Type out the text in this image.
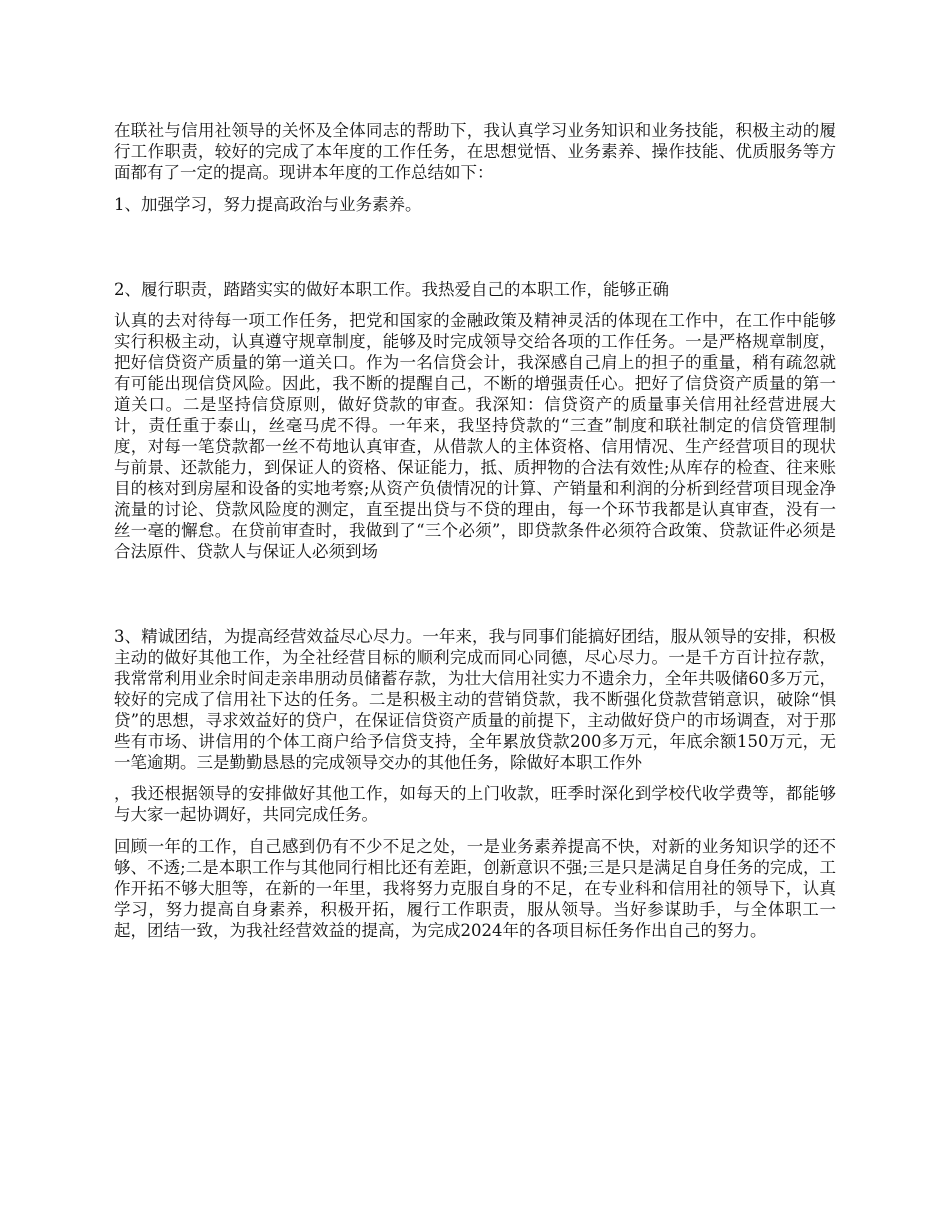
在联社与信用社领导的关怀及全体同志的帮助下，我认真学习业务知识和业务技能，积极主动的履行工作职责，较好的完成了本年度的工作任务，在思想觉悟、业务素养、操作技能、优质服务等方面都有了一定的提高。现讲本年度的工作总结如下：

1、加强学习，努力提高政治与业务素养。

2、履行职责，踏踏实实的做好本职工作。我热爱自己的本职工作，能够正确

认真的去对待每一项工作任务，把党和国家的金融政策及精神灵活的体现在工作中，在工作中能够实行积极主动，认真遵守规章制度，能够及时完成领导交给各项的工作任务。一是严格规章制度，把好信贷资产质量的第一道关口。作为一名信贷会计，我深感自己肩上的担子的重量，稍有疏忽就有可能出现信贷风险。因此，我不断的提醒自己，不断的增强责任心。把好了信贷资产质量的第一道关口。二是坚持信贷原则，做好贷款的审查。我深知：信贷资产的质量事关信用社经营进展大计，责任重于泰山，丝毫马虎不得。一年来，我坚持贷款的“三查”制度和联社制定的信贷管理制度，对每一笔贷款都一丝不苟地认真审查，从借款人的主体资格、信用情况、生产经营项目的现状与前景、还款能力，到保证人的资格、保证能力，抵、质押物的合法有效性;从库存的检查、往来账目的核对到房屋和设备的实地考察;从资产负债情况的计算、产销量和利润的分析到经营项目现金净流量的讨论、贷款风险度的测定，直至提出贷与不贷的理由，每一个环节我都是认真审查，没有一丝一毫的懈怠。在贷前审查时，我做到了“三个必须”，即贷款条件必须符合政策、贷款证件必须是合法原件、贷款人与保证人必须到场

3、精诚团结，为提高经营效益尽心尽力。一年来，我与同事们能搞好团结，服从领导的安排，积极主动的做好其他工作，为全社经营目标的顺利完成而同心同德，尽心尽力。一是千方百计拉存款，我常常利用业余时间走亲串朋动员储蓄存款，为壮大信用社实力不遗余力，全年共吸储60多万元，较好的完成了信用社下达的任务。二是积极主动的营销贷款，我不断强化贷款营销意识，破除“惧贷”的思想，寻求效益好的贷户，在保证信贷资产质量的前提下，主动做好贷户的市场调查，对于那些有市场、讲信用的个体工商户给予信贷支持，全年累放贷款200多万元，年底余额150万元，无一笔逾期。三是勤勤恳恳的完成领导交办的其他任务，除做好本职工作外

，我还根据领导的安排做好其他工作，如每天的上门收款，旺季时深化到学校代收学费等，都能够与大家一起协调好，共同完成任务。

回顾一年的工作，自己感到仍有不少不足之处，一是业务素养提高不快，对新的业务知识学的还不够、不透;二是本职工作与其他同行相比还有差距，创新意识不强;三是只是满足自身任务的完成，工作开拓不够大胆等，在新的一年里，我将努力克服自身的不足，在专业科和信用社的领导下，认真学习，努力提高自身素养，积极开拓，履行工作职责，服从领导。当好参谋助手，与全体职工一起，团结一致，为我社经营效益的提高，为完成2024年的各项目标任务作出自己的努力。
